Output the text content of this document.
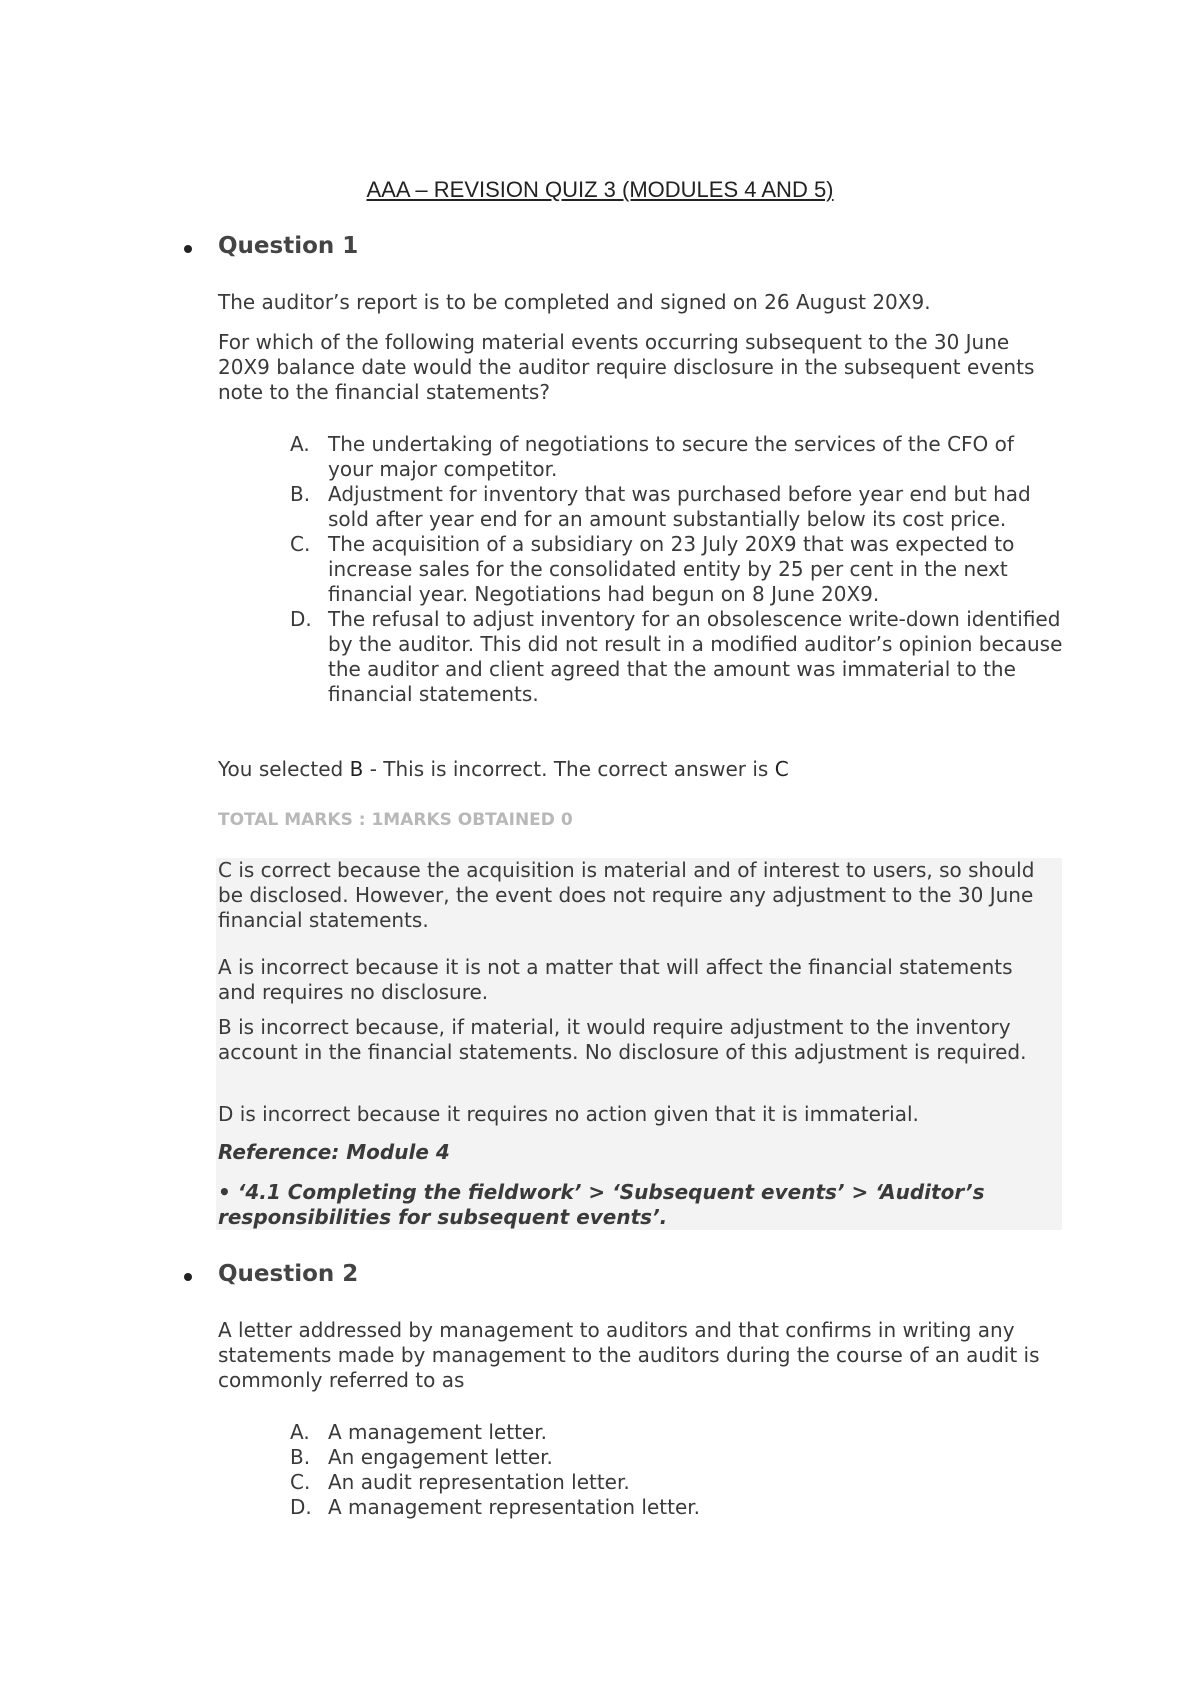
AAA – REVISION QUIZ 3 (MODULES 4 AND 5)
Question 1
The auditor’s report is to be completed and signed on 26 August 20X9.
For which of the following material events occurring subsequent to the 30 June 20X9 balance date would the auditor require disclosure in the subsequent events note to the financial statements?
A. The undertaking of negotiations to secure the services of the CFO of your major competitor.
B. Adjustment for inventory that was purchased before year end but had sold after year end for an amount substantially below its cost price.
C. The acquisition of a subsidiary on 23 July 20X9 that was expected to increase sales for the consolidated entity by 25 per cent in the next financial year. Negotiations had begun on 8 June 20X9.
D. The refusal to adjust inventory for an obsolescence write-down identified by the auditor. This did not result in a modified auditor’s opinion because the auditor and client agreed that the amount was immaterial to the financial statements.
You selected B - This is incorrect. The correct answer is C
TOTAL MARKS : 1MARKS OBTAINED 0

C is correct because the acquisition is material and of interest to users, so should be disclosed. However, the event does not require any adjustment to the 30 June financial statements.

A is incorrect because it is not a matter that will affect the financial statements and requires no disclosure.

B is incorrect because, if material, it would require adjustment to the inventory account in the financial statements. No disclosure of this adjustment is required.

D is incorrect because it requires no action given that it is immaterial.

Reference: Module 4

• ‘4.1 Completing the fieldwork’ > ‘Subsequent events’ > ‘Auditor’s responsibilities for subsequent events’.

Question 2
A letter addressed by management to auditors and that confirms in writing any statements made by management to the auditors during the course of an audit is commonly referred to as
A. A management letter.
B. An engagement letter.
C. An audit representation letter.
D. A management representation letter.
